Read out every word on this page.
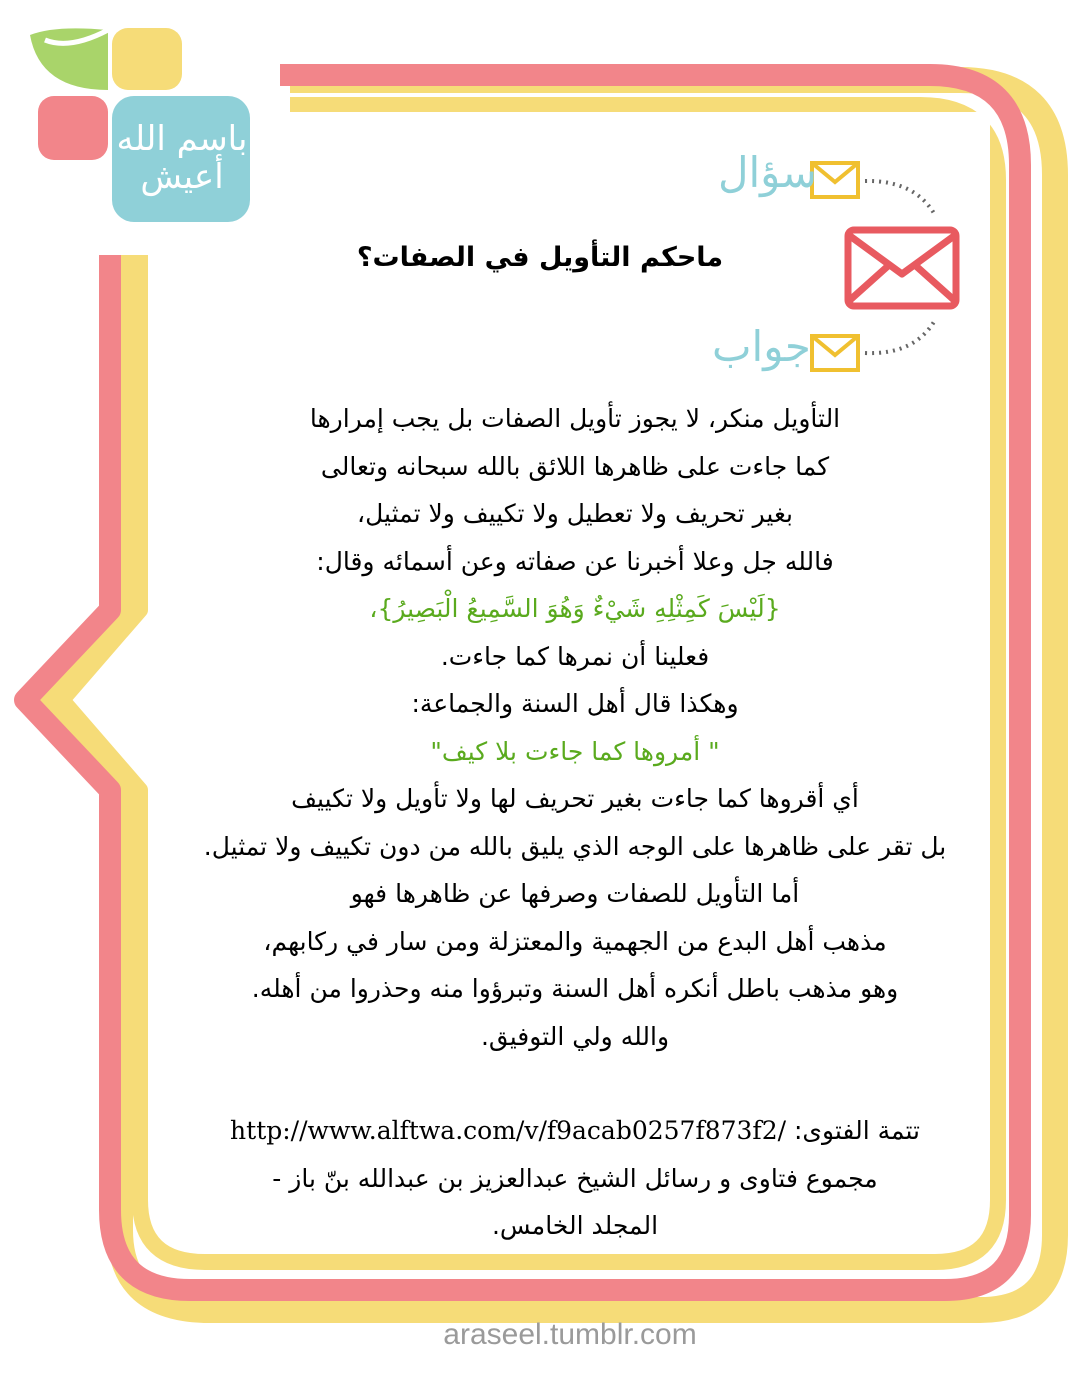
باسم الله
أعيش	سؤال
جواب
ماحكم التأويل في الصفات؟
التأويل منكر، لا يجوز تأويل الصفات بل يجب إمرارها
كما جاءت على ظاهرها اللائق بالله سبحانه وتعالى
بغير تحريف ولا تعطيل ولا تكييف ولا تمثيل،
فالله جل وعلا أخبرنا عن صفاته وعن أسمائه وقال:
{لَيْسَ كَمِثْلِهِ شَيْءٌ وَهُوَ السَّمِيعُ الْبَصِيرُ}،
فعلينا أن نمرها كما جاءت.
وهكذا قال أهل السنة والجماعة:
" أمروها كما جاءت بلا كيف"
أي أقروها كما جاءت بغير تحريف لها ولا تأويل ولا تكييف
بل تقر على ظاهرها على الوجه الذي يليق بالله من دون تكييف ولا تمثيل.
أما التأويل للصفات وصرفها عن ظاهرها فهو
مذهب أهل البدع من الجهمية والمعتزلة ومن سار في ركابهم،
وهو مذهب باطل أنكره أهل السنة وتبرؤوا منه وحذروا من أهله.
والله ولي التوفيق.
تتمة الفتوى: http://www.alftwa.com/v/f9acab0257f873f2/
مجموع فتاوى و رسائل الشيخ عبدالعزيز بن عبدالله بنّ باز -
المجلد الخامس.
araseel.tumblr.com
